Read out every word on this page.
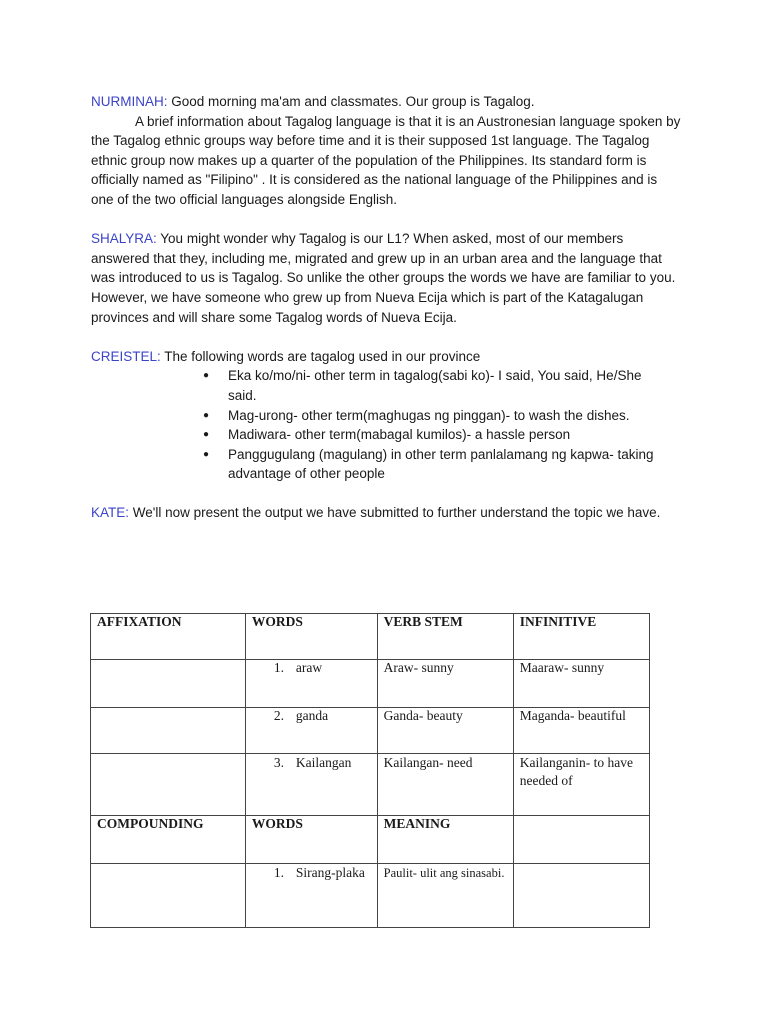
NURMINAH: Good morning ma'am and classmates. Our group is Tagalog.
A brief information about Tagalog language is that it is an Austronesian language spoken by the Tagalog ethnic groups way before time and it is their supposed 1st language. The Tagalog ethnic group now makes up a quarter of the population of the Philippines. Its standard form is officially named as "Filipino" . It is considered as the national language of the Philippines and is one of the two official languages alongside English.

SHALYRA: You might wonder why Tagalog is our L1? When asked, most of our members answered that they, including me, migrated and grew up in an urban area and the language that was introduced to us is Tagalog. So unlike the other groups the words we have are familiar to you. However, we have someone who grew up from Nueva Ecija which is part of the Katagalugan provinces and will share some Tagalog words of Nueva Ecija.

CREISTEL: The following words are tagalog used in our province

● Eka ko/mo/ni- other term in tagalog(sabi ko)- I said, You said, He/She said.
● Mag-urong- other term(maghugas ng pinggan)- to wash the dishes.
● Madiwara- other term(mabagal kumilos)- a hassle person
● Panggugulang (magulang) in other term panlalamang ng kapwa- taking advantage of other people

KATE: We'll now present the output we have submitted to further understand the topic we have.

AFFIXATION	WORDS	VERB STEM	INFINITIVE
	1. araw	Araw- sunny	Maaraw- sunny
	2. ganda	Ganda- beauty	Maganda- beautiful
	3. Kailangan	Kailangan- need	Kailanganin- to have needed of
COMPOUNDING	WORDS	MEANING	
	1. Sirang-plaka	Paulit- ulit ang sinasabi.	
